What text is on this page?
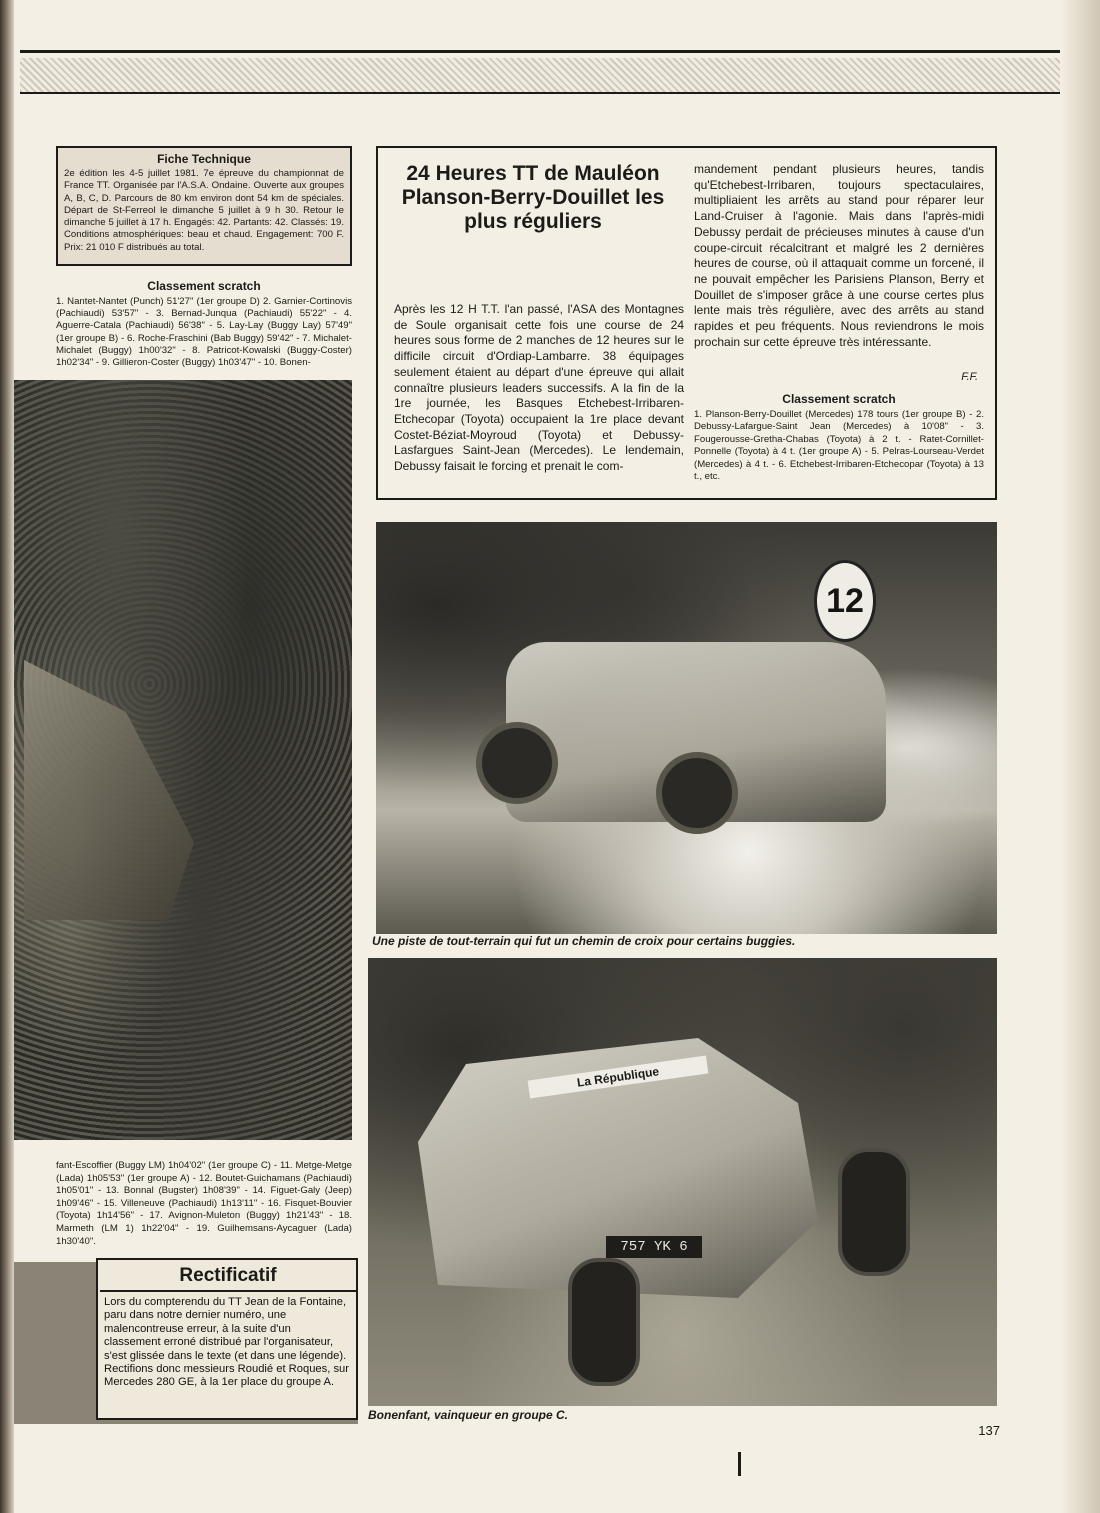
Fiche Technique

2e édition les 4-5 juillet 1981. 7e épreuve du championnat de France TT. Organisée par l'A.S.A. Ondaine. Ouverte aux groupes A, B, C, D. Parcours de 80 km environ dont 54 km de spéciales. Départ de St-Ferreol le dimanche 5 juillet à 9 h 30. Retour le dimanche 5 juillet à 17 h. Engagés: 42. Partants: 42. Classés: 19. Conditions atmosphériques: beau et chaud. Engagement: 700 F. Prix: 21 010 F distribués au total.

Classement scratch

1. Nantet-Nantet (Punch) 51'27" (1er groupe D) 2. Garnier-Cortinovis (Pachiaudi) 53'57" - 3. Bernad-Junqua (Pachiaudi) 55'22" - 4. Aguerre-Catala (Pachiaudi) 56'38" - 5. Lay-Lay (Buggy Lay) 57'49" (1er groupe B) - 6. Roche-Fraschini (Bab Buggy) 59'42" - 7. Michalet-Michalet (Buggy) 1h00'32" - 8. Patricot-Kowalski (Buggy-Coster) 1h02'34" - 9. Gillieron-Coster (Buggy) 1h03'47" - 10. Bonen-

fant-Escoffier (Buggy LM) 1h04'02" (1er groupe C) - 11. Metge-Metge (Lada) 1h05'53" (1er groupe A) - 12. Boutet-Guichamans (Pachiaudi) 1h05'01" - 13. Bonnal (Bugster) 1h08'39" - 14. Figuet-Galy (Jeep) 1h09'46" - 15. Villeneuve (Pachiaudi) 1h13'11" - 16. Fisquet-Bouvier (Toyota) 1h14'56" - 17. Avignon-Muleton (Buggy) 1h21'43" - 18. Marmeth (LM 1) 1h22'04" - 19. Guilhemsans-Aycaguer (Lada) 1h30'40".

Rectificatif

Lors du compterendu du TT Jean de la Fontaine, paru dans notre dernier numéro, une malencontreuse erreur, à la suite d'un classement erroné distribué par l'organisateur, s'est glissée dans le texte (et dans une légende). Rectifions donc messieurs Roudié et Roques, sur Mercedes 280 GE, à la 1er place du groupe A.

24 Heures TT de Mauléon Planson-Berry-Douillet les plus réguliers

Après les 12 H T.T. l'an passé, l'ASA des Montagnes de Soule organisait cette fois une course de 24 heures sous forme de 2 manches de 12 heures sur le difficile circuit d'Ordiap-Lambarre. 38 équipages seulement étaient au départ d'une épreuve qui allait connaître plusieurs leaders successifs. A la fin de la 1re journée, les Basques Etchebest-Irribaren-Etchecopar (Toyota) occupaient la 1re place devant Costet-Béziat-Moyroud (Toyota) et Debussy-Lasfargues Saint-Jean (Mercedes). Le lendemain, Debussy faisait le forcing et prenait le com-

mandement pendant plusieurs heures, tandis qu'Etchebest-Irribaren, toujours spectaculaires, multipliaient les arrêts au stand pour réparer leur Land-Cruiser à l'agonie. Mais dans l'après-midi Debussy perdait de précieuses minutes à cause d'un coupe-circuit récalcitrant et malgré les 2 dernières heures de course, où il attaquait comme un forcené, il ne pouvait empêcher les Parisiens Planson, Berry et Douillet de s'imposer grâce à une course certes plus lente mais très régulière, avec des arrêts au stand rapides et peu fréquents. Nous reviendrons le mois prochain sur cette épreuve très intéressante.

F.F.
Classement scratch

1. Planson-Berry-Douillet (Mercedes) 178 tours (1er groupe B) - 2. Debussy-Lafargue-Saint Jean (Mercedes) à 10'08" - 3. Fougerousse-Gretha-Chabas (Toyota) à 2 t. - Ratet-Cornillet-Ponnelle (Toyota) à 4 t. (1er groupe A) - 5. Pelras-Lourseau-Verdet (Mercedes) à 4 t. - 6. Etchebest-Irribaren-Etchecopar (Toyota) à 13 t., etc.

12
Une piste de tout-terrain qui fut un chemin de croix pour certains buggies.
La République
757 YK 6
Bonenfant, vainqueur en groupe C.
137
